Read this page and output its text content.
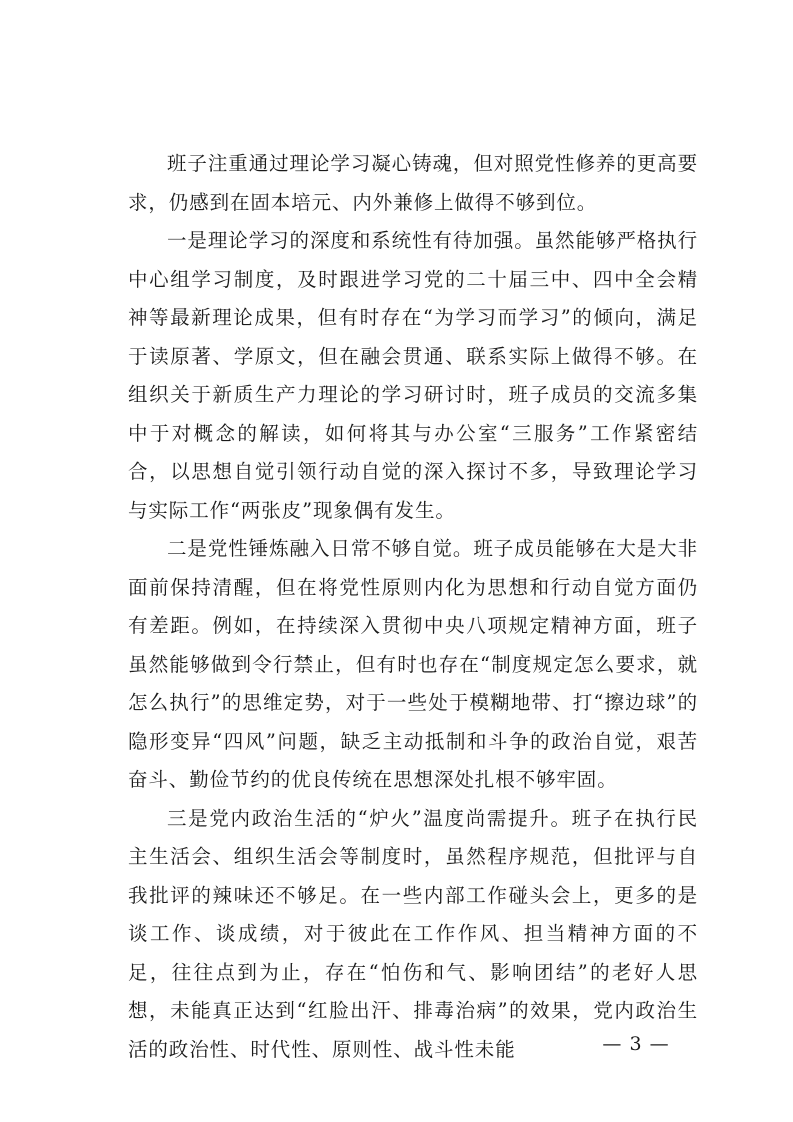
班子注重通过理论学习凝心铸魂，但对照党性修养的更高要求，仍感到在固本培元、内外兼修上做得不够到位。

一是理论学习的深度和系统性有待加强。虽然能够严格执行中心组学习制度，及时跟进学习党的二十届三中、四中全会精神等最新理论成果，但有时存在“为学习而学习”的倾向，满足于读原著、学原文，但在融会贯通、联系实际上做得不够。在组织关于新质生产力理论的学习研讨时，班子成员的交流多集中于对概念的解读，如何将其与办公室“三服务”工作紧密结合，以思想自觉引领行动自觉的深入探讨不多，导致理论学习与实际工作“两张皮”现象偶有发生。

二是党性锤炼融入日常不够自觉。班子成员能够在大是大非面前保持清醒，但在将党性原则内化为思想和行动自觉方面仍有差距。例如，在持续深入贯彻中央八项规定精神方面，班子虽然能够做到令行禁止，但有时也存在“制度规定怎么要求，就怎么执行”的思维定势，对于一些处于模糊地带、打“擦边球”的隐形变异“四风”问题，缺乏主动抵制和斗争的政治自觉，艰苦奋斗、勤俭节约的优良传统在思想深处扎根不够牢固。

三是党内政治生活的“炉火”温度尚需提升。班子在执行民主生活会、组织生活会等制度时，虽然程序规范，但批评与自我批评的辣味还不够足。在一些内部工作碰头会上，更多的是谈工作、谈成绩，对于彼此在工作作风、担当精神方面的不足，往往点到为止，存在“怕伤和气、影响团结”的老好人思想，未能真正达到“红脸出汗、排毒治病”的效果，党内政治生活的政治性、时代性、原则性、战斗性未能	— 3 —
